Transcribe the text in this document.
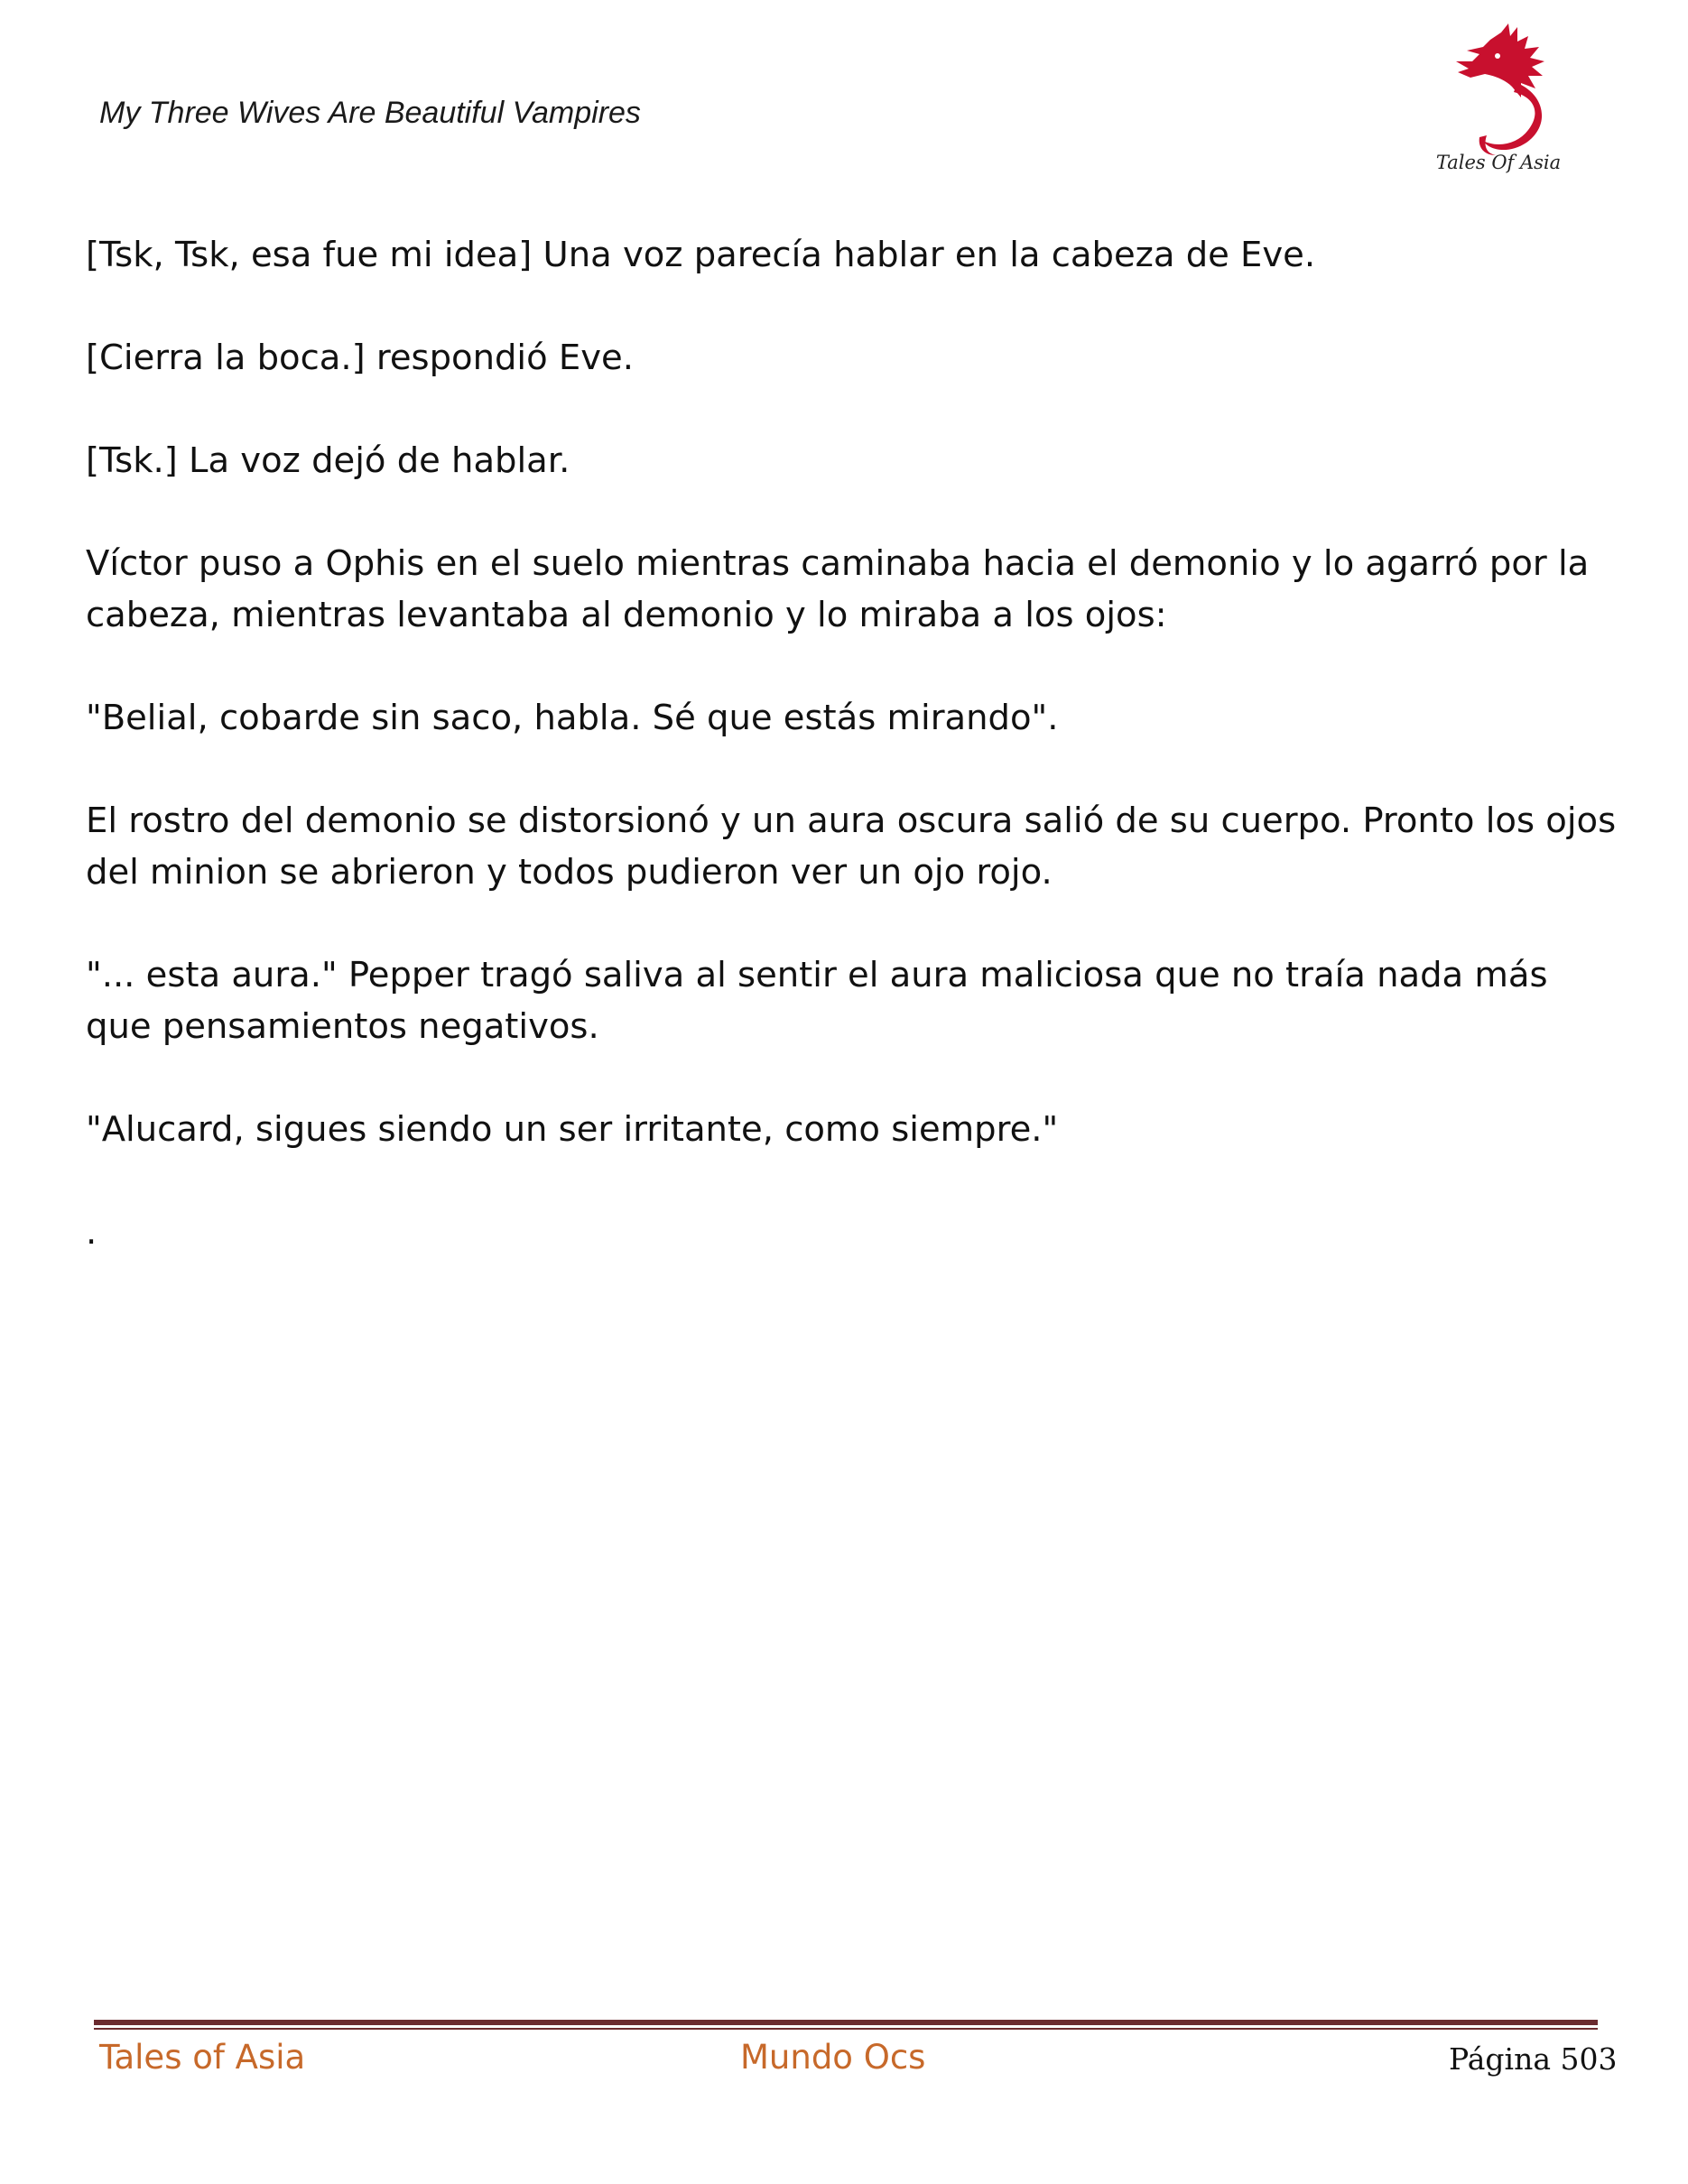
My Three Wives Are Beautiful Vampires
Tales Of Asia

[Tsk, Tsk, esa fue mi idea] Una voz parecía hablar en la cabeza de Eve.

[Cierra la boca.] respondió Eve.

[Tsk.] La voz dejó de hablar.

Víctor puso a Ophis en el suelo mientras caminaba hacia el demonio y lo agarró por la cabeza, mientras levantaba al demonio y lo miraba a los ojos:

"Belial, cobarde sin saco, habla. Sé que estás mirando".

El rostro del demonio se distorsionó y un aura oscura salió de su cuerpo. Pronto los ojos del minion se abrieron y todos pudieron ver un ojo rojo.

"... esta aura." Pepper tragó saliva al sentir el aura maliciosa que no traía nada más que pensamientos negativos.

"Alucard, sigues siendo un ser irritante, como siempre."

.

Tales of Asia	Mundo Ocs	Página 503
